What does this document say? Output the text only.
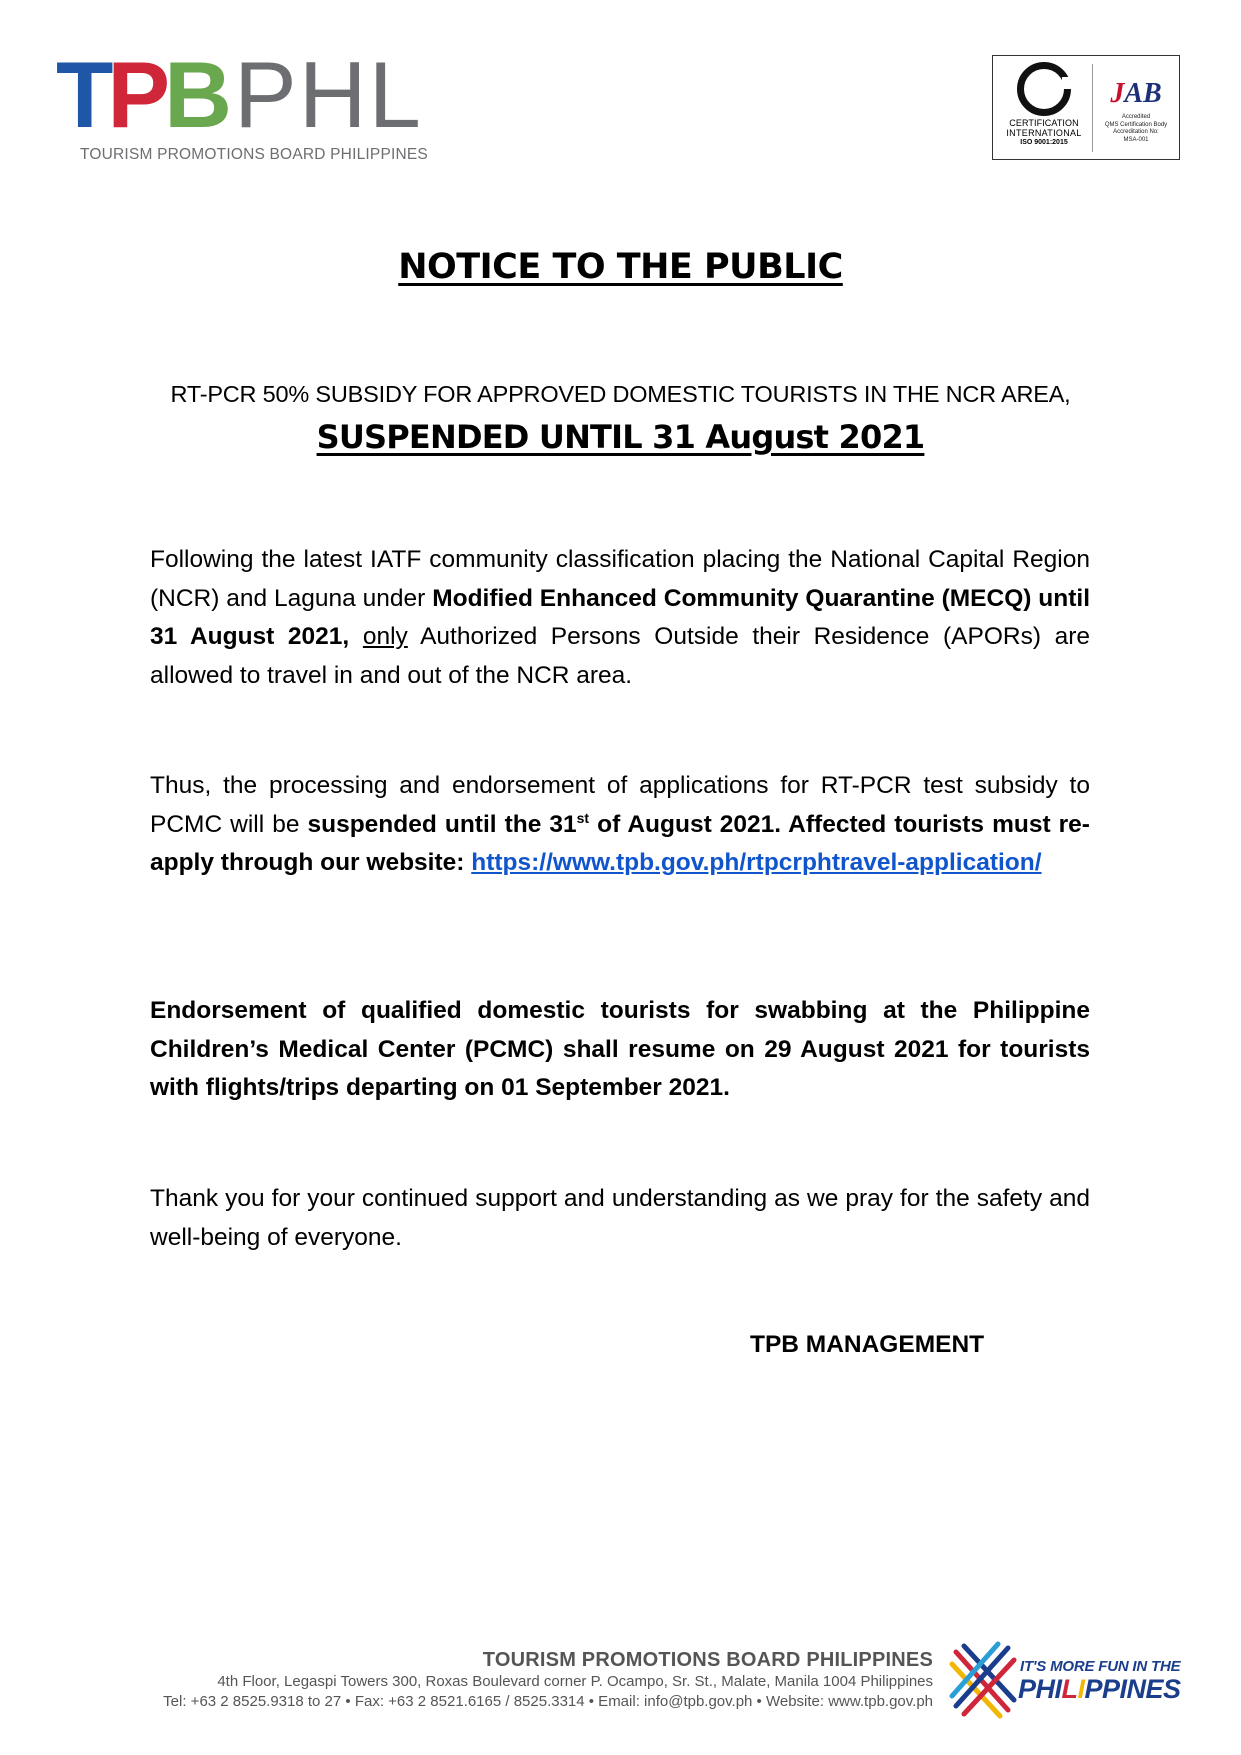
TPB PHL
TOURISM PROMOTIONS BOARD PHILIPPINES
CERTIFICATION
INTERNATIONAL
ISO 9001:2015
JAB
Accredited
QMS Certification Body
Accreditation No:
MSA-001
NOTICE TO THE PUBLIC
RT-PCR 50% SUBSIDY FOR APPROVED DOMESTIC TOURISTS IN THE NCR AREA,
SUSPENDED UNTIL 31 August 2021
Following the latest IATF community classification placing the National Capital Region (NCR) and Laguna under Modified Enhanced Community Quarantine (MECQ) until 31 August 2021, only Authorized Persons Outside their Residence (APORs) are allowed to travel in and out of the NCR area.
Thus, the processing and endorsement of applications for RT-PCR test subsidy to PCMC will be suspended until the 31st of August 2021. Affected tourists must re-apply through our website: https://www.tpb.gov.ph/rtpcrphtravel-application/
Endorsement of qualified domestic tourists for swabbing at the Philippine Children’s Medical Center (PCMC) shall resume on 29 August 2021 for tourists with flights/trips departing on 01 September 2021.
Thank you for your continued support and understanding as we pray for the safety and well-being of everyone.
TPB MANAGEMENT
TOURISM PROMOTIONS BOARD PHILIPPINES
4th Floor, Legaspi Towers 300, Roxas Boulevard corner P. Ocampo, Sr. St., Malate, Manila 1004 Philippines
Tel: +63 2 8525.9318 to 27 • Fax: +63 2 8521.6165 / 8525.3314 • Email: info@tpb.gov.ph • Website: www.tpb.gov.ph
IT'S MORE FUN IN THE
PHILIPPINES
